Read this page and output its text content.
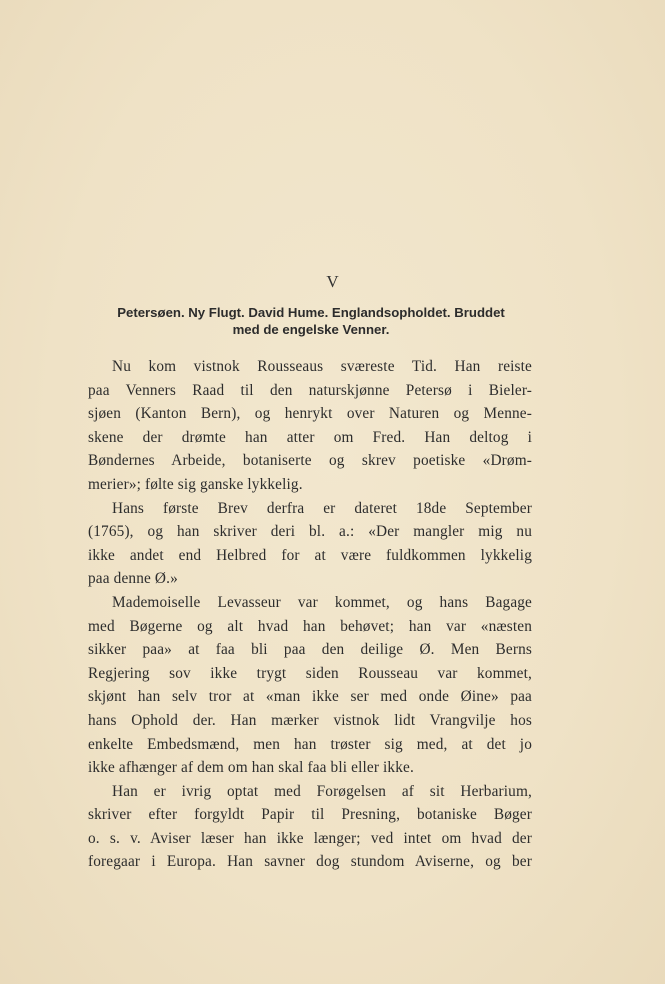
V
Petersøen. Ny Flugt. David Hume. Englandsopholdet. Bruddet
med de engelske Venner.
Nu kom vistnok Rousseaus sværeste Tid. Han reiste
paa Venners Raad til den naturskjønne Petersø i Bieler-
sjøen (Kanton Bern), og henrykt over Naturen og Menne-
skene der drømte han atter om Fred. Han deltog i
Bøndernes Arbeide, botaniserte og skrev poetiske «Drøm-
merier»; følte sig ganske lykkelig.
Hans første Brev derfra er dateret 18de September
(1765), og han skriver deri bl. a.: «Der mangler mig nu
ikke andet end Helbred for at være fuldkommen lykkelig
paa denne Ø.»
Mademoiselle Levasseur var kommet, og hans Bagage
med Bøgerne og alt hvad han behøvet; han var «næsten
sikker paa» at faa bli paa den deilige Ø. Men Berns
Regjering sov ikke trygt siden Rousseau var kommet,
skjønt han selv tror at «man ikke ser med onde Øine» paa
hans Ophold der. Han mærker vistnok lidt Vrangvilje hos
enkelte Embedsmænd, men han trøster sig med, at det jo
ikke afhænger af dem om han skal faa bli eller ikke.
Han er ivrig optat med Forøgelsen af sit Herbarium,
skriver efter forgyldt Papir til Presning, botaniske Bøger
o. s. v. Aviser læser han ikke længer; ved intet om hvad der
foregaar i Europa. Han savner dog stundom Aviserne, og ber
